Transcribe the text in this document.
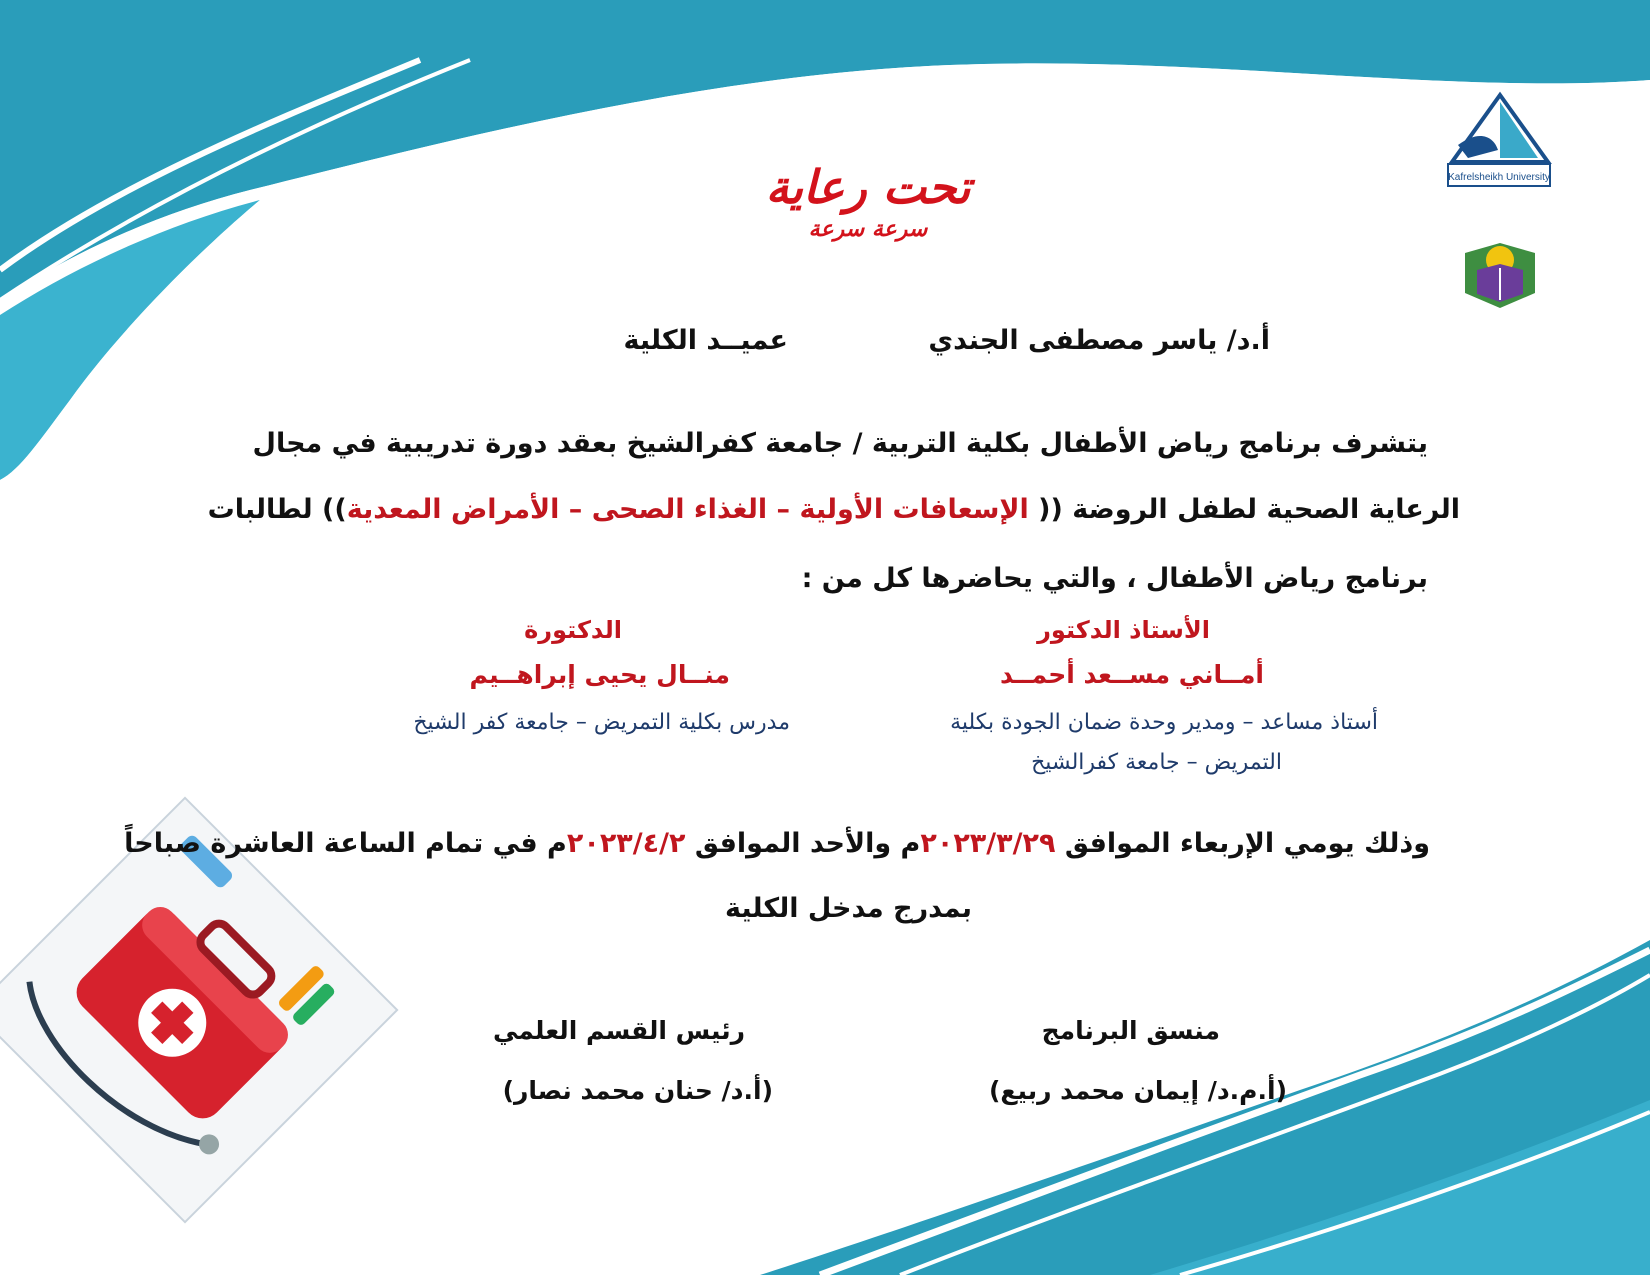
Kafrelsheikh University
تحت رعاية
سرعة سرعة
أ.د/ ياسر مصطفى الجندي
عميــد الكلية
يتشرف برنامج رياض الأطفال بكلية التربية / جامعة كفرالشيخ بعقد دورة تدريبية في مجال
الرعاية الصحية لطفل الروضة (( الإسعافات الأولية – الغذاء الصحى – الأمراض المعدية)) لطالبات
برنامج رياض الأطفال ، والتي يحاضرها كل من :
الأستاذ الدكتور
أمــاني مســعد أحمــد
أستاذ مساعد – ومدير وحدة ضمان الجودة بكلية
التمريض – جامعة كفرالشيخ
الدكتورة
منــال يحيى إبراهــيم
مدرس بكلية التمريض – جامعة كفر الشيخ
وذلك يومي الإربعاء الموافق ٢٠٢٣/٣/٢٩م والأحد الموافق ٢٠٢٣/٤/٢م في تمام الساعة العاشرة صباحاً
بمدرج مدخل الكلية
منسق البرنامج
(أ.م.د/ إيمان محمد ربيع)
رئيس القسم العلمي
(أ.د/ حنان محمد نصار)
